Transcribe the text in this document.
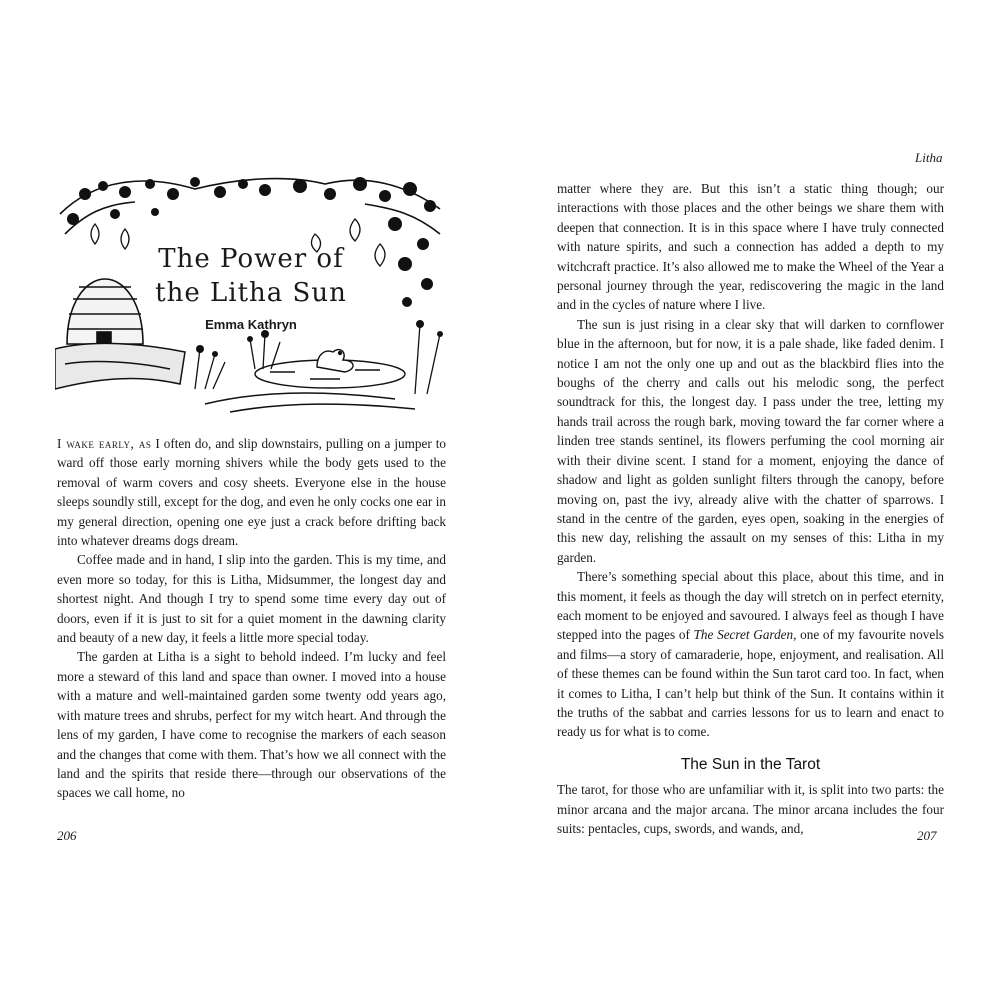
The Power of
the Litha Sun
Emma Kathryn

I wake early, as I often do, and slip downstairs, pulling on a jumper to ward off those early morning shivers while the body gets used to the removal of warm covers and cosy sheets. Everyone else in the house sleeps soundly still, except for the dog, and even he only cocks one ear in my general direction, opening one eye just a crack before drifting back into whatever dreams dogs dream.

Coffee made and in hand, I slip into the garden. This is my time, and even more so today, for this is Litha, Midsummer, the longest day and shortest night. And though I try to spend some time every day out of doors, even if it is just to sit for a quiet moment in the dawning clarity and beauty of a new day, it feels a little more special today.

The garden at Litha is a sight to behold indeed. I’m lucky and feel more a steward of this land and space than owner. I moved into a house with a mature and well-maintained garden some twenty odd years ago, with mature trees and shrubs, perfect for my witch heart. And through the lens of my garden, I have come to recognise the markers of each season and the changes that come with them. That’s how we all connect with the land and the spirits that reside there—through our observations of the spaces we call home, no

206
Litha

matter where they are. But this isn’t a static thing though; our interactions with those places and the other beings we share them with deepen that connection. It is in this space where I have truly connected with nature spirits, and such a connection has added a depth to my witchcraft practice. It’s also allowed me to make the Wheel of the Year a personal journey through the year, rediscovering the magic in the land and in the cycles of nature where I live.

The sun is just rising in a clear sky that will darken to cornflower blue in the afternoon, but for now, it is a pale shade, like faded denim. I notice I am not the only one up and out as the blackbird flies into the boughs of the cherry and calls out his melodic song, the perfect soundtrack for this, the longest day. I pass under the tree, letting my hands trail across the rough bark, moving toward the far corner where a linden tree stands sentinel, its flowers perfuming the cool morning air with their divine scent. I stand for a moment, enjoying the dance of shadow and light as golden sunlight filters through the canopy, before moving on, past the ivy, already alive with the chatter of sparrows. I stand in the centre of the garden, eyes open, soaking in the energies of this new day, relishing the assault on my senses of this: Litha in my garden.

There’s something special about this place, about this time, and in this moment, it feels as though the day will stretch on in perfect eternity, each moment to be enjoyed and savoured. I always feel as though I have stepped into the pages of The Secret Garden, one of my favourite novels and films—a story of camaraderie, hope, enjoyment, and realisation. All of these themes can be found within the Sun tarot card too. In fact, when it comes to Litha, I can’t help but think of the Sun. It contains within it the truths of the sabbat and carries lessons for us to learn and enact to ready us for what is to come.

The Sun in the Tarot

The tarot, for those who are unfamiliar with it, is split into two parts: the minor arcana and the major arcana. The minor arcana includes the four suits: pentacles, cups, swords, and wands, and,	207
